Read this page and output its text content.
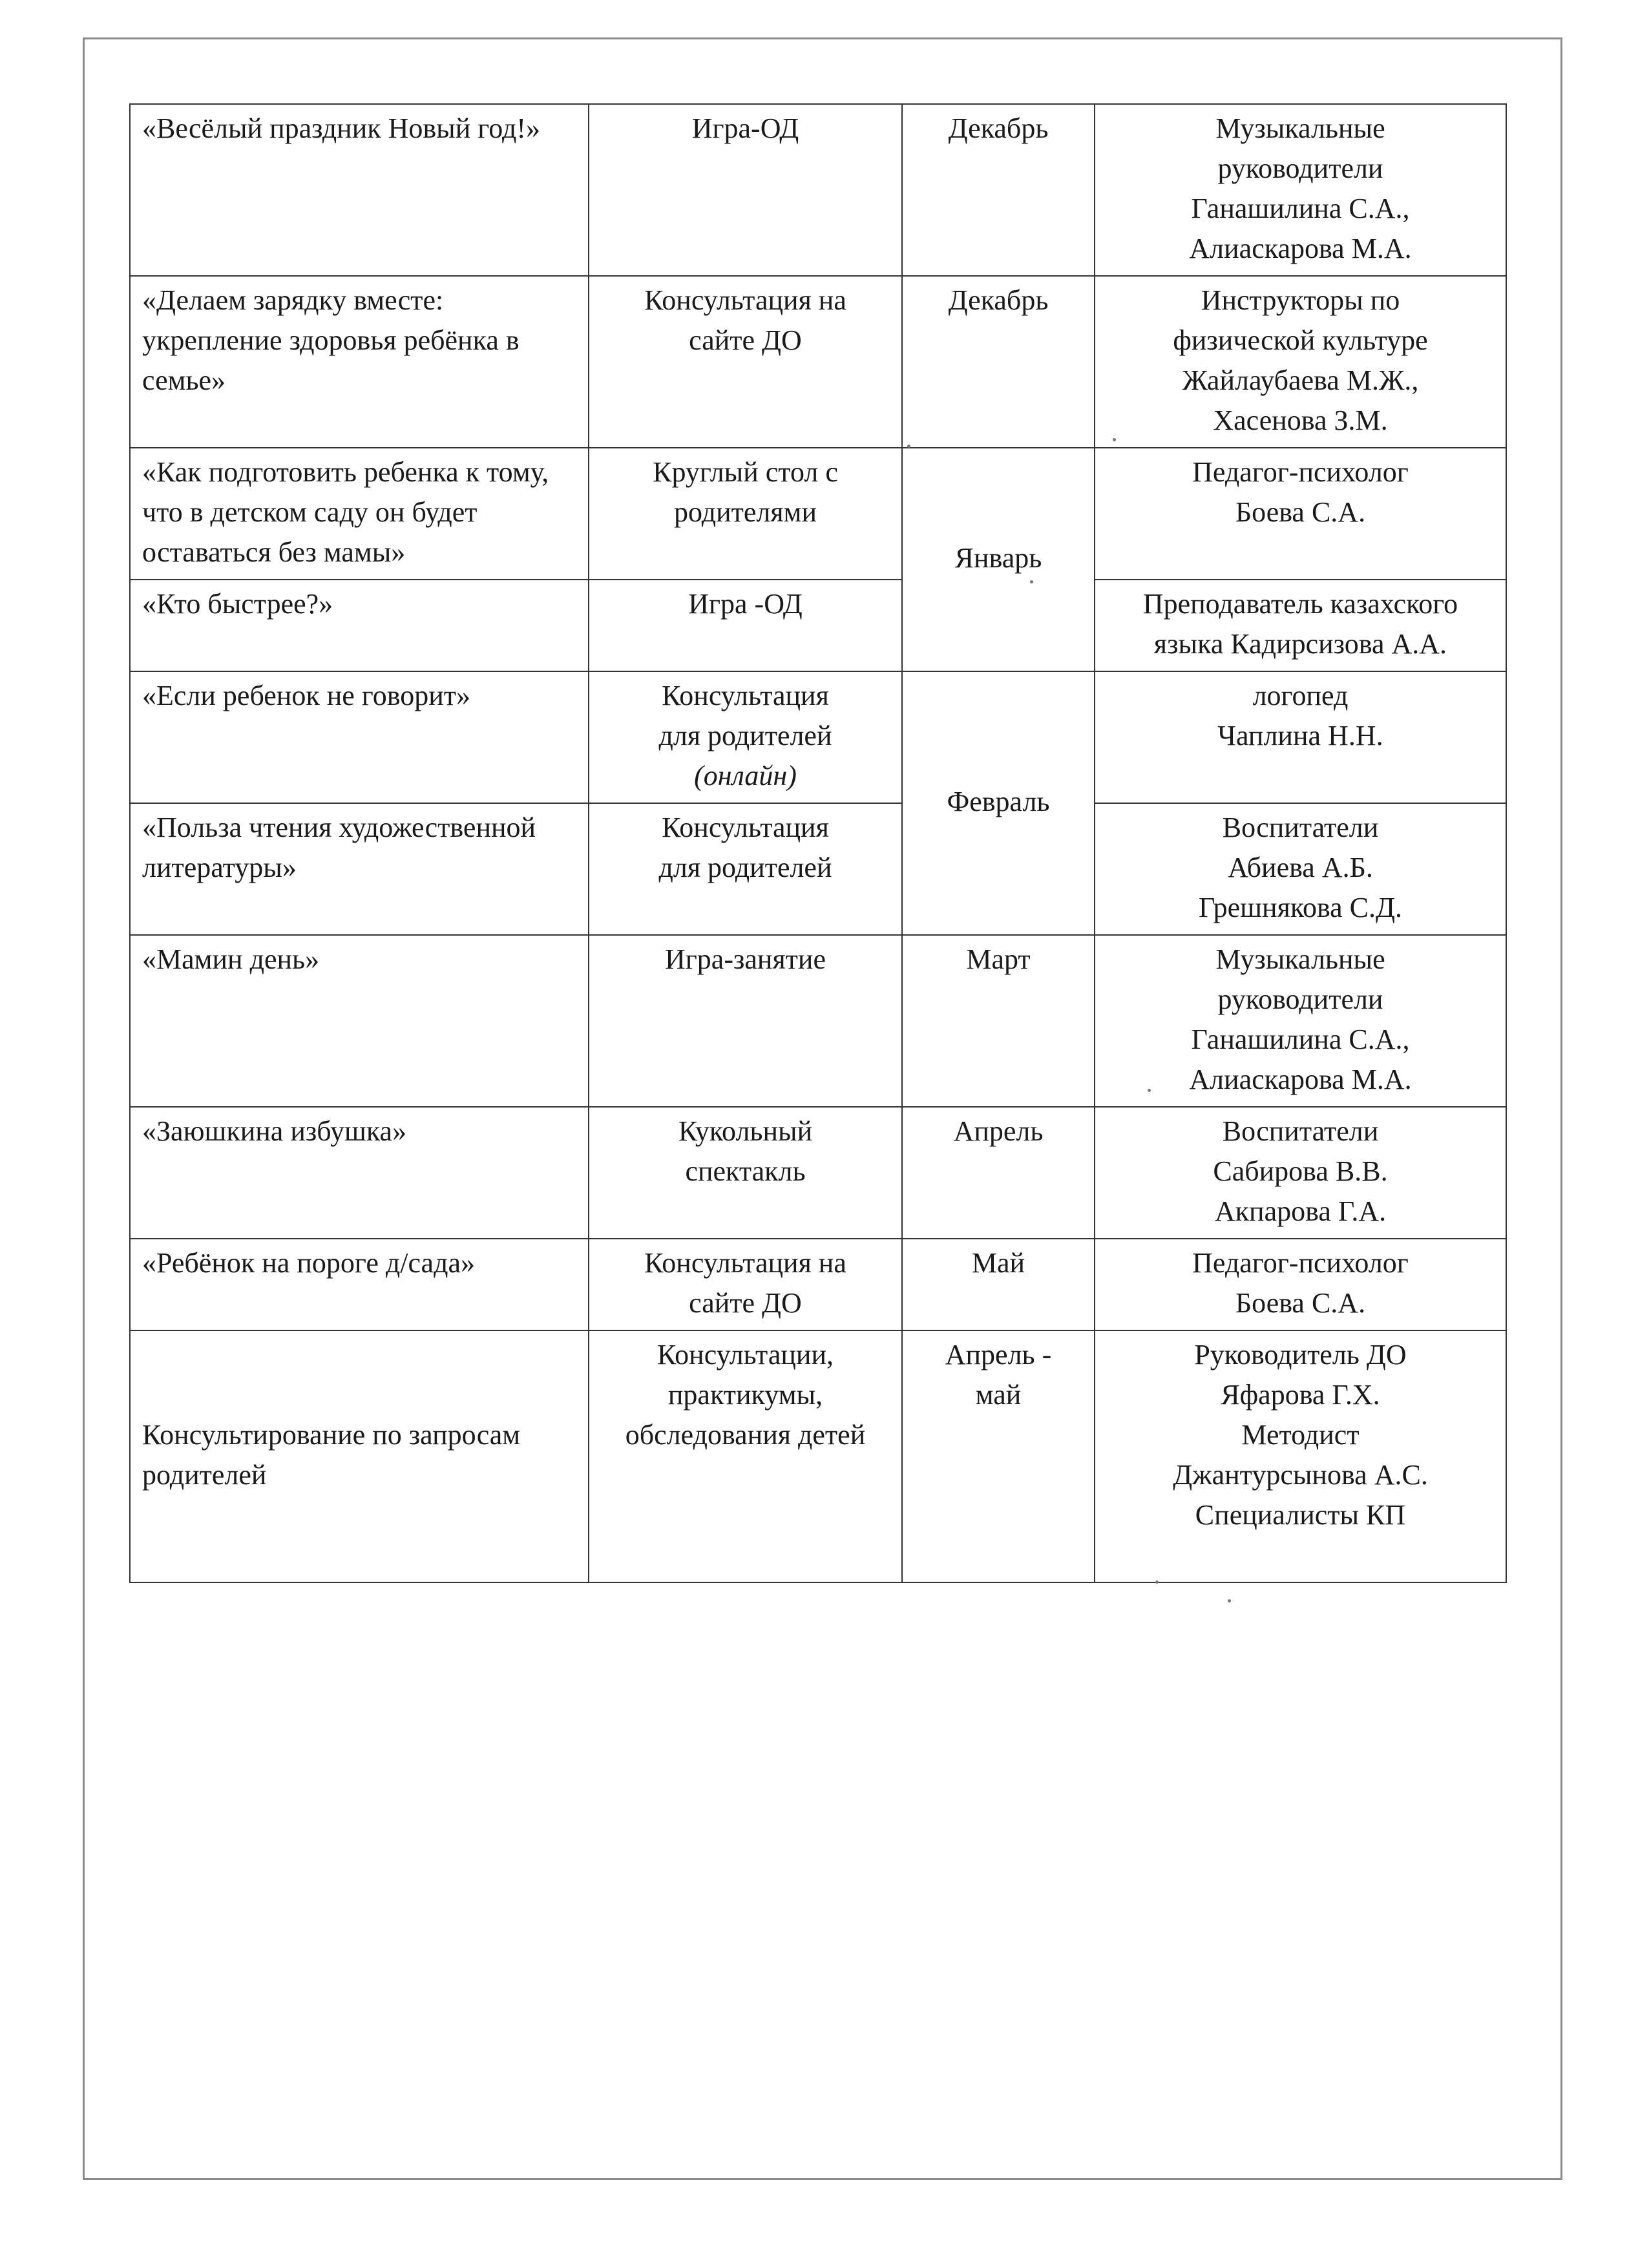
«Весёлый праздник Новый год!»	Игра-ОД	Декабрь	Музыкальные
руководители
Ганашилина С.А.,
Алиаскарова М.А.

«Делаем зарядку вместе: укрепление здоровья ребёнка в семье»	Консультация на
сайте ДО	Декабрь	Инструкторы по
физической культуре
Жайлаубаева М.Ж.,
Хасенова З.М.

«Как подготовить ребенка к тому, что в детском саду он будет оставаться без мамы»	Круглый стол с
родителями	Январь	Педагог-психолог
Боева С.А.

«Кто быстрее?»	Игра -ОД		Преподаватель казахского
языка Кадирсизова А.А.

«Если ребенок не говорит»	Консультация
для родителей
(онлайн)	Февраль	логопед
Чаплина Н.Н.

«Польза чтения художественной литературы»	Консультация
для родителей		Воспитатели
Абиева А.Б.
Грешнякова С.Д.

«Мамин день»	Игра-занятие	Март	Музыкальные
руководители
Ганашилина С.А.,
Алиаскарова М.А.

«Заюшкина избушка»	Кукольный
спектакль	Апрель	Воспитатели
Сабирова В.В.
Акпарова Г.А.

«Ребёнок на пороге д/сада»	Консультация на
сайте ДО	Май	Педагог-психолог
Боева С.А.

Консультирование по запросам родителей	Консультации,
практикумы,
обследования детей	Апрель -
май	Руководитель ДО
Яфарова Г.Х.
Методист
Джантурсынова А.С.
Специалисты КП
